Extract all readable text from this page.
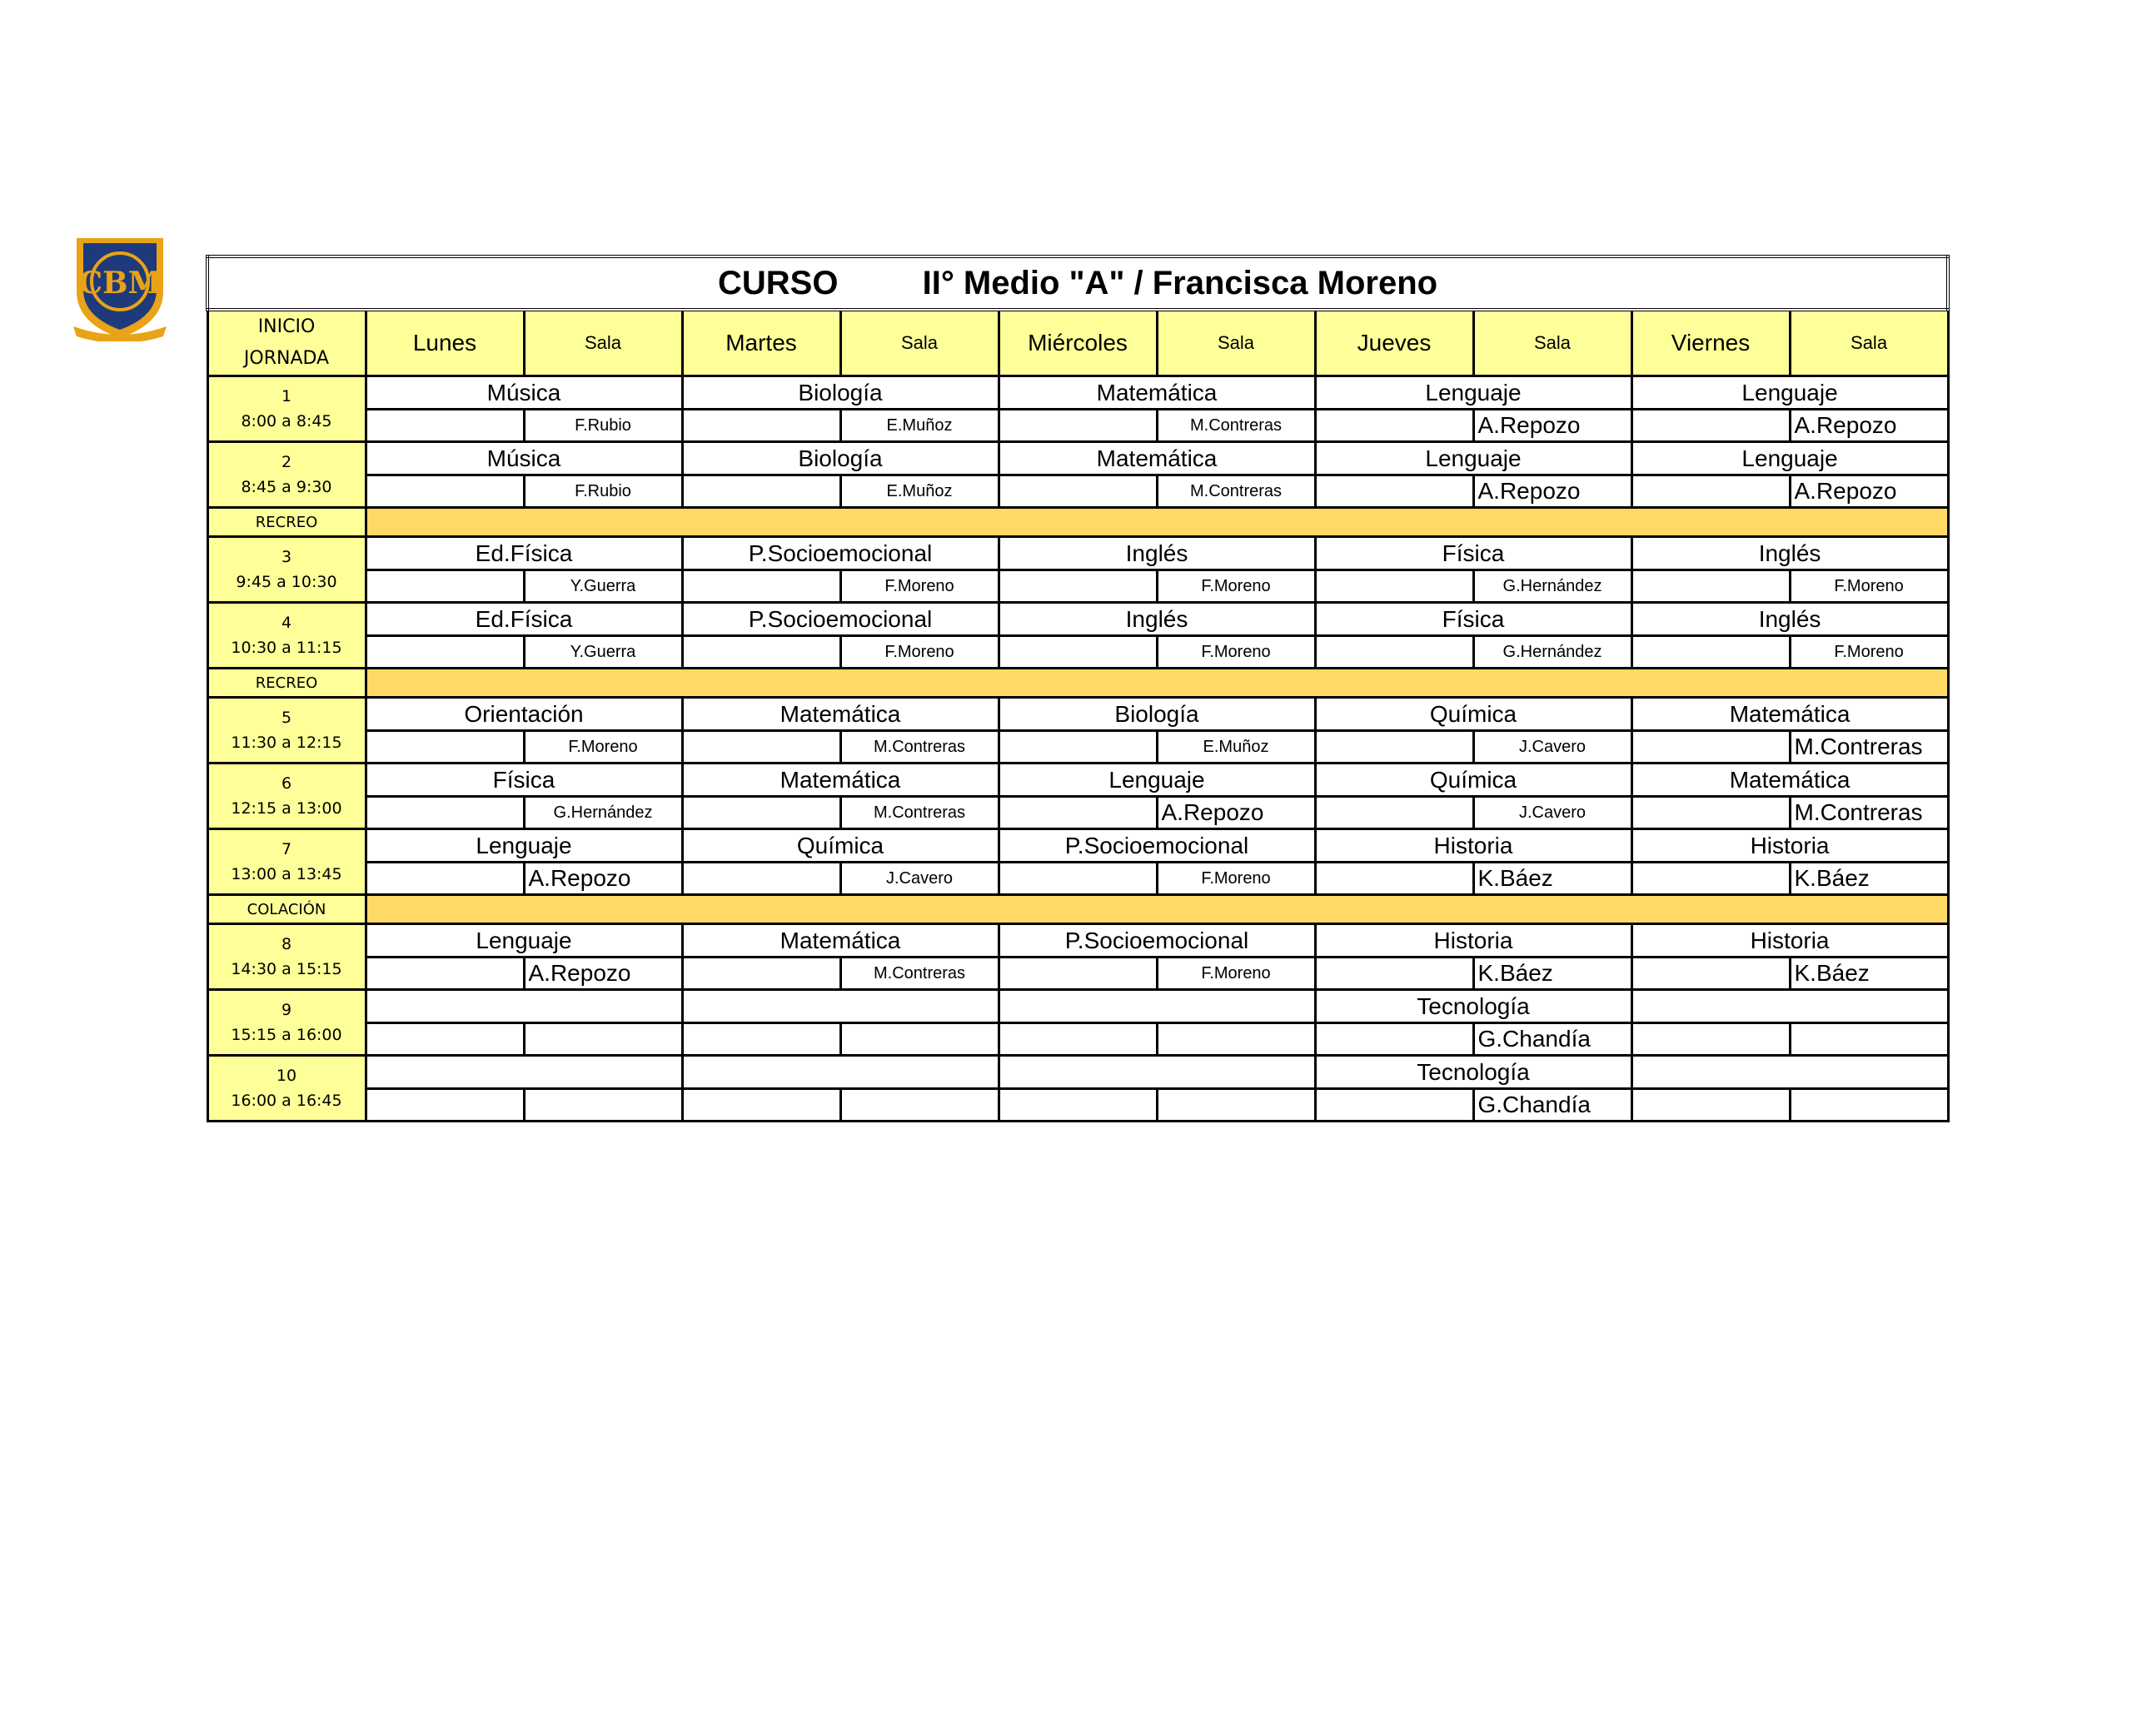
CBM	CURSO II° Medio "A" / Francisca Moreno										

INICIO
JORNADA	Lunes	Sala	Martes	Sala	Miércoles	Sala	Jueves	Sala	Viernes	Sala

1
8:00 a 8:45	Música		Biología		Matemática		Lenguaje		Lenguaje	
		F.Rubio		E.Muñoz		M.Contreras		A.Repozo		A.Repozo

2
8:45 a 9:30	Música		Biología		Matemática		Lenguaje		Lenguaje	
		F.Rubio		E.Muñoz		M.Contreras		A.Repozo		A.Repozo
RECREO										

3
9:45 a 10:30	Ed.Física		P.Socioemocional		Inglés		Física		Inglés	
		Y.Guerra		F.Moreno		F.Moreno		G.Hernández		F.Moreno

4
10:30 a 11:15	Ed.Física		P.Socioemocional		Inglés		Física		Inglés	
		Y.Guerra		F.Moreno		F.Moreno		G.Hernández		F.Moreno
RECREO										

5
11:30 a 12:15	Orientación		Matemática		Biología		Química		Matemática	
		F.Moreno		M.Contreras		E.Muñoz		J.Cavero		M.Contreras

6
12:15 a 13:00	Física		Matemática		Lenguaje		Química		Matemática	
		G.Hernández		M.Contreras		A.Repozo		J.Cavero		M.Contreras

7
13:00 a 13:45	Lenguaje		Química		P.Socioemocional		Historia		Historia	
		A.Repozo		J.Cavero		F.Moreno		K.Báez		K.Báez
COLACIÓN										

8
14:30 a 15:15	Lenguaje		Matemática		P.Socioemocional		Historia		Historia	
		A.Repozo		M.Contreras		F.Moreno		K.Báez		K.Báez

9
15:15 a 16:00							Tecnología			
								G.Chandía		

10
16:00 a 16:45							Tecnología			
								G.Chandía		
